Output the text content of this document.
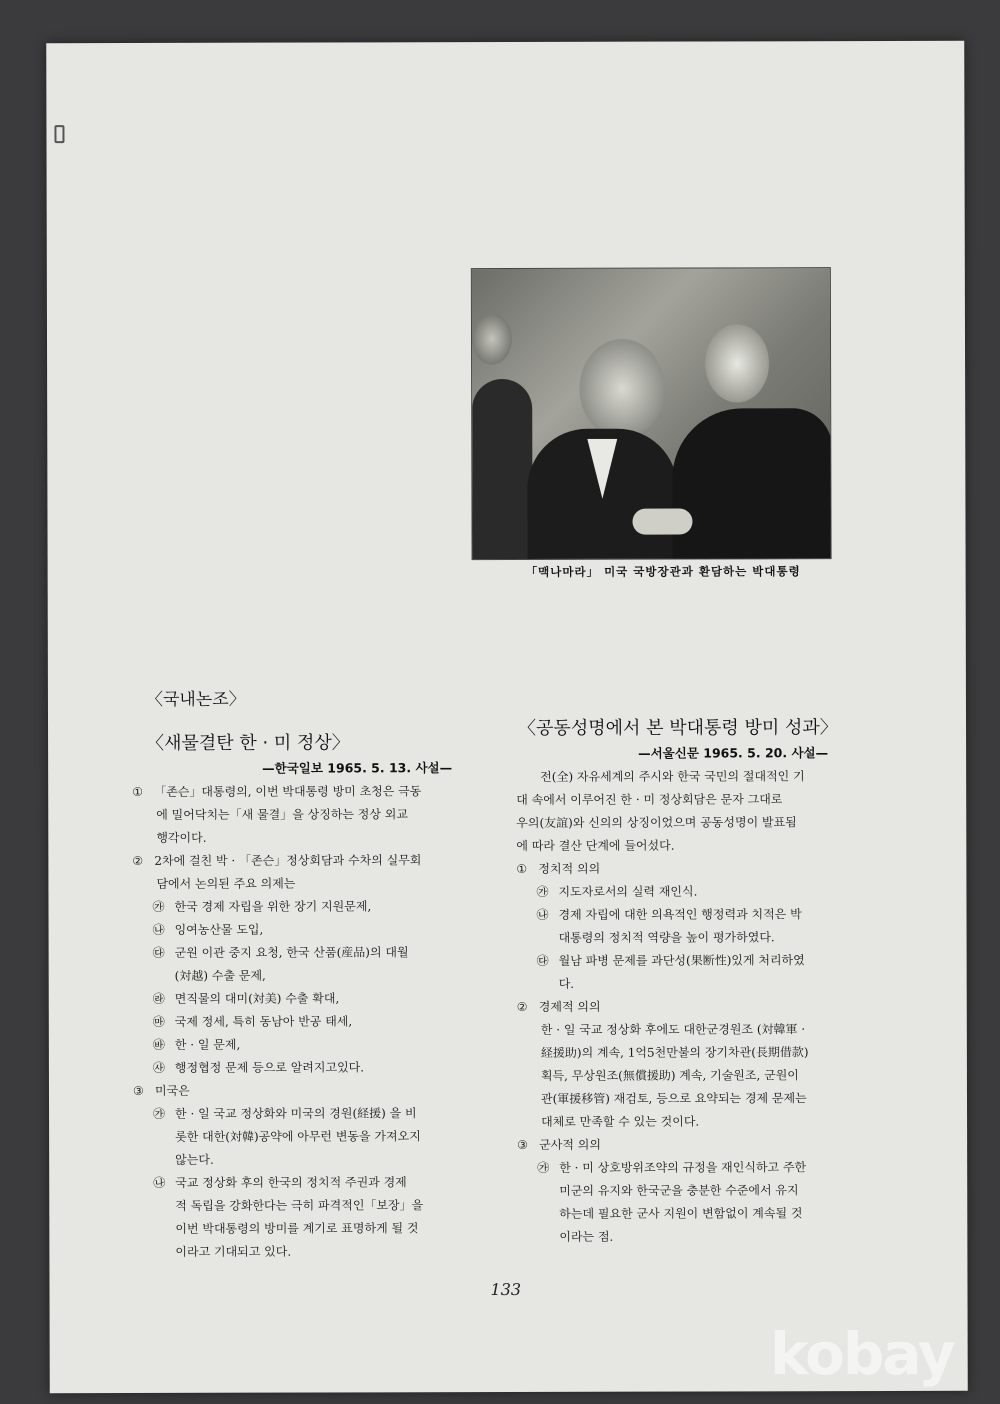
「맥나마라」 미국 국방장관과 환담하는 박대통령
〈국내논조〉
〈새물결탄 한 · 미 정상〉
—한국일보 1965. 5. 13. 사설—
① 「존슨」대통령의, 이번 박대통령 방미 초청은 극동
에 밀어닥치는「새 물결」을 상징하는 정상 외교
행각이다.
② 2차에 걸친 박 · 「존슨」정상회담과 수차의 실무회
담에서 논의된 주요 의제는
㉮ 한국 경제 자립을 위한 장기 지원문제,
㉯ 잉여농산물 도입,
㉰ 군원 이관 중지 요청, 한국 산품(産品)의 대월
(対越) 수출 문제,
㉱ 면직물의 대미(対美) 수출 확대,
㉲ 국제 정세, 특히 동남아 반공 태세,
㉳ 한 · 일 문제,
㉴ 행정협정 문제 등으로 알려지고있다.
③ 미국은
㉮ 한 · 일 국교 정상화와 미국의 경원(経援) 을 비
롯한 대한(対韓)공약에 아무런 변동을 가져오지
않는다.
㉯ 국교 정상화 후의 한국의 정치적 주권과 경제
적 독립을 강화한다는 극히 파격적인「보장」을
이번 박대통령의 방미를 계기로 표명하게 될 것
이라고 기대되고 있다.
〈공동성명에서 본 박대통령 방미 성과〉
—서울신문 1965. 5. 20. 사설—
전(全) 자유세계의 주시와 한국 국민의 절대적인 기
대 속에서 이루어진 한 · 미 정상회담은 문자 그대로
우의(友誼)와 신의의 상징이었으며 공동성명이 발표됨
에 따라 결산 단계에 들어섰다.
① 정치적 의의
㉮ 지도자로서의 실력 재인식.
㉯ 경제 자립에 대한 의욕적인 행정력과 치적은 박
대통령의 정치적 역량을 높이 평가하였다.
㉰ 월남 파병 문제를 과단성(果断性)있게 처리하였
다.
② 경제적 의의
한 · 일 국교 정상화 후에도 대한군경원조 (対韓軍 ·
経援助)의 계속, 1억5천만불의 장기차관(長期借款)
획득, 무상원조(無償援助) 계속, 기술원조, 군원이
관(軍援移管) 재검토, 등으로 요약되는 경제 문제는
대체로 만족할 수 있는 것이다.
③ 군사적 의의
㉮ 한 · 미 상호방위조약의 규정을 재인식하고 주한
미군의 유지와 한국군을 충분한 수준에서 유지
하는데 필요한 군사 지원이 변함없이 계속될 것
이라는 점.
133
kobay
